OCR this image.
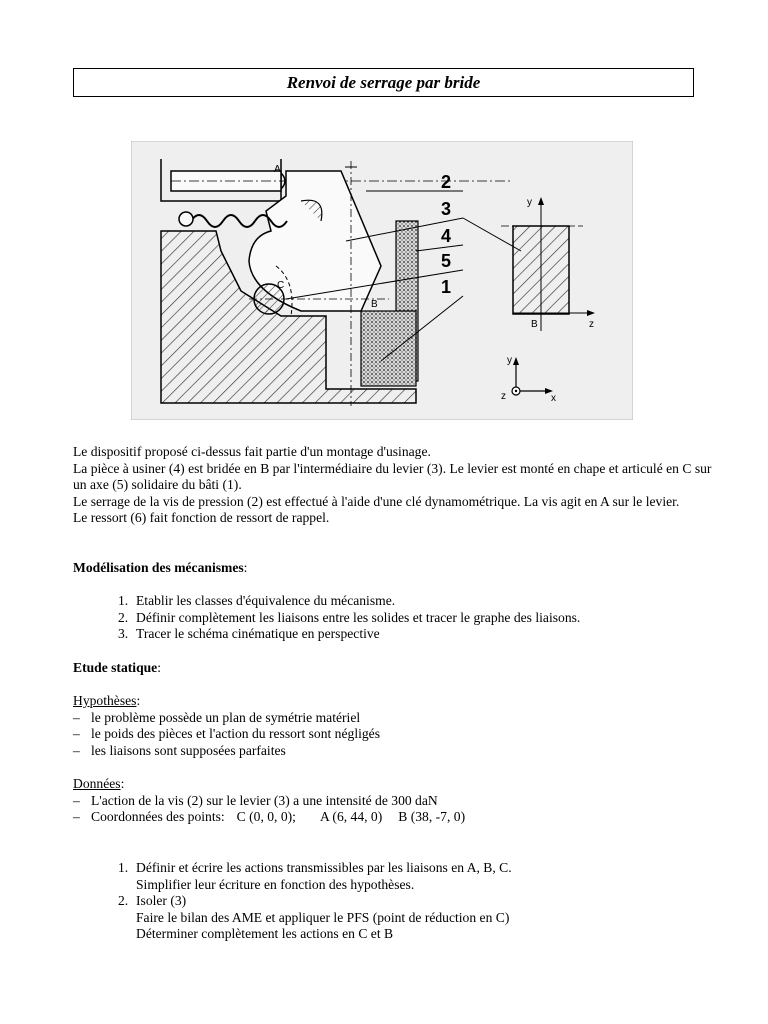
Renvoi de serrage par bride
2
3
4
5
1
A
C
B
y
z
B
y
z	x

Le dispositif proposé ci-dessus fait partie d'un montage d'usinage.

La pièce à usiner (4) est bridée en B par l'intermédiaire du levier (3). Le levier est monté en chape et articulé en C sur un axe (5) solidaire du bâti (1).

Le serrage de la vis de pression (2) est effectué à l'aide d'une clé dynamométrique. La vis agit en A sur le levier.

Le ressort (6) fait fonction de ressort de rappel.

Modélisation des mécanismes:
1. Etablir les classes d'équivalence du mécanisme.
2. Définir complètement les liaisons entre les solides et tracer le graphe des liaisons.
3. Tracer le schéma cinématique en perspective
Etude statique:
Hypothèses:
– le problème possède un plan de symétrie matériel
– le poids des pièces et l'action du ressort sont négligés
– les liaisons sont supposées parfaites
Données:
– L'action de la vis (2) sur le levier (3) a une intensité de 300 daN
– Coordonnées des points: C (0, 0, 0); A (6, 44, 0) B (38, -7, 0)
1. Définir et écrire les actions transmissibles par les liaisons en A, B, C.
Simplifier leur écriture en fonction des hypothèses.
2. Isoler (3)
Faire le bilan des AME et appliquer le PFS (point de réduction en C)
Déterminer complètement les actions en C et B
